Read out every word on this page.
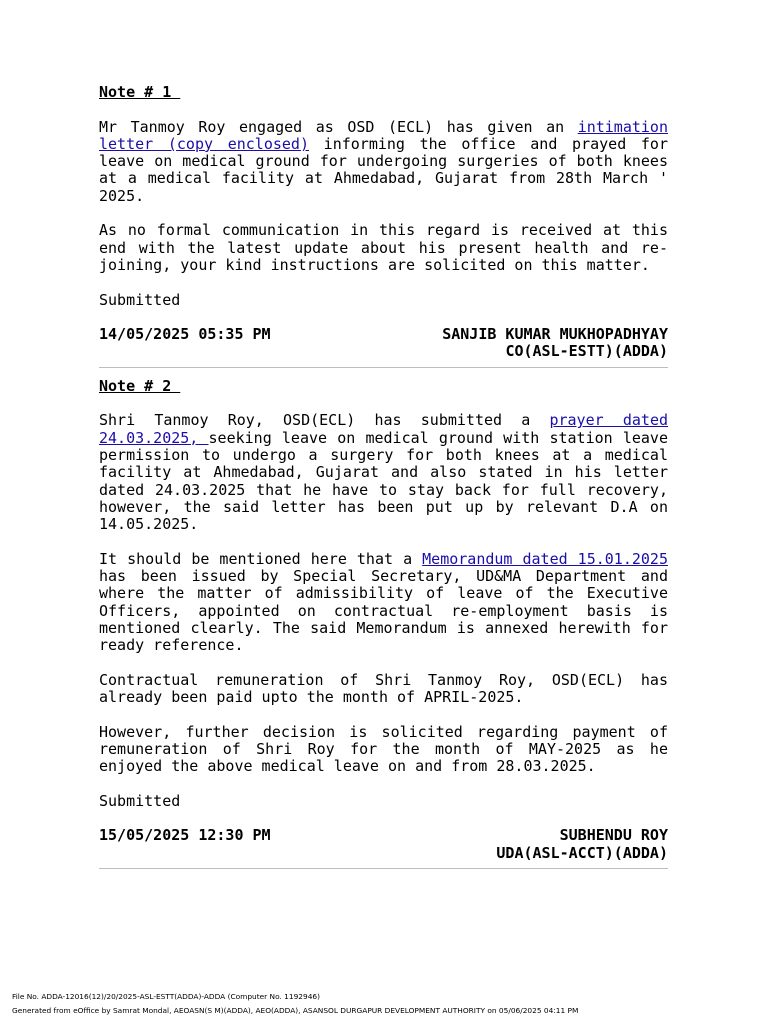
Note # 1

Mr Tanmoy Roy engaged as OSD (ECL) has given an intimation letter (copy enclosed) informing the office and prayed for leave on medical ground for undergoing surgeries of both knees at a medical facility at Ahmedabad, Gujarat from 28th March ' 2025.

As no formal communication in this regard is received at this end with the latest update about his present health and re-joining, your kind instructions are solicited on this matter.

Submitted

14/05/2025 05:35 PM	SANJIB KUMAR MUKHOPADHYAY
CO(ASL-ESTT)(ADDA)

Note # 2

Shri Tanmoy Roy, OSD(ECL) has submitted a prayer dated 24.03.2025, seeking leave on medical ground with station leave permission to undergo a surgery for both knees at a medical facility at Ahmedabad, Gujarat and also stated in his letter dated 24.03.2025 that he have to stay back for full recovery, however, the said letter has been put up by relevant D.A on 14.05.2025.

It should be mentioned here that a Memorandum dated 15.01.2025 has been issued by Special Secretary, UD&MA Department and where the matter of admissibility of leave of the Executive Officers, appointed on contractual re-employment basis is mentioned clearly. The said Memorandum is annexed herewith for ready reference.

Contractual remuneration of Shri Tanmoy Roy, OSD(ECL) has already been paid upto the month of APRIL-2025.

However, further decision is solicited regarding payment of remuneration of Shri Roy for the month of MAY-2025 as he enjoyed the above medical leave on and from 28.03.2025.

Submitted

15/05/2025 12:30 PM	SUBHENDU ROY
UDA(ASL-ACCT)(ADDA)
File No. ADDA-12016(12)/20/2025-ASL-ESTT(ADDA)-ADDA (Computer No. 1192946)
Generated from eOffice by Samrat Mondal, AEOASN(S M)(ADDA), AEO(ADDA), ASANSOL DURGAPUR DEVELOPMENT AUTHORITY on 05/06/2025 04:11 PM
